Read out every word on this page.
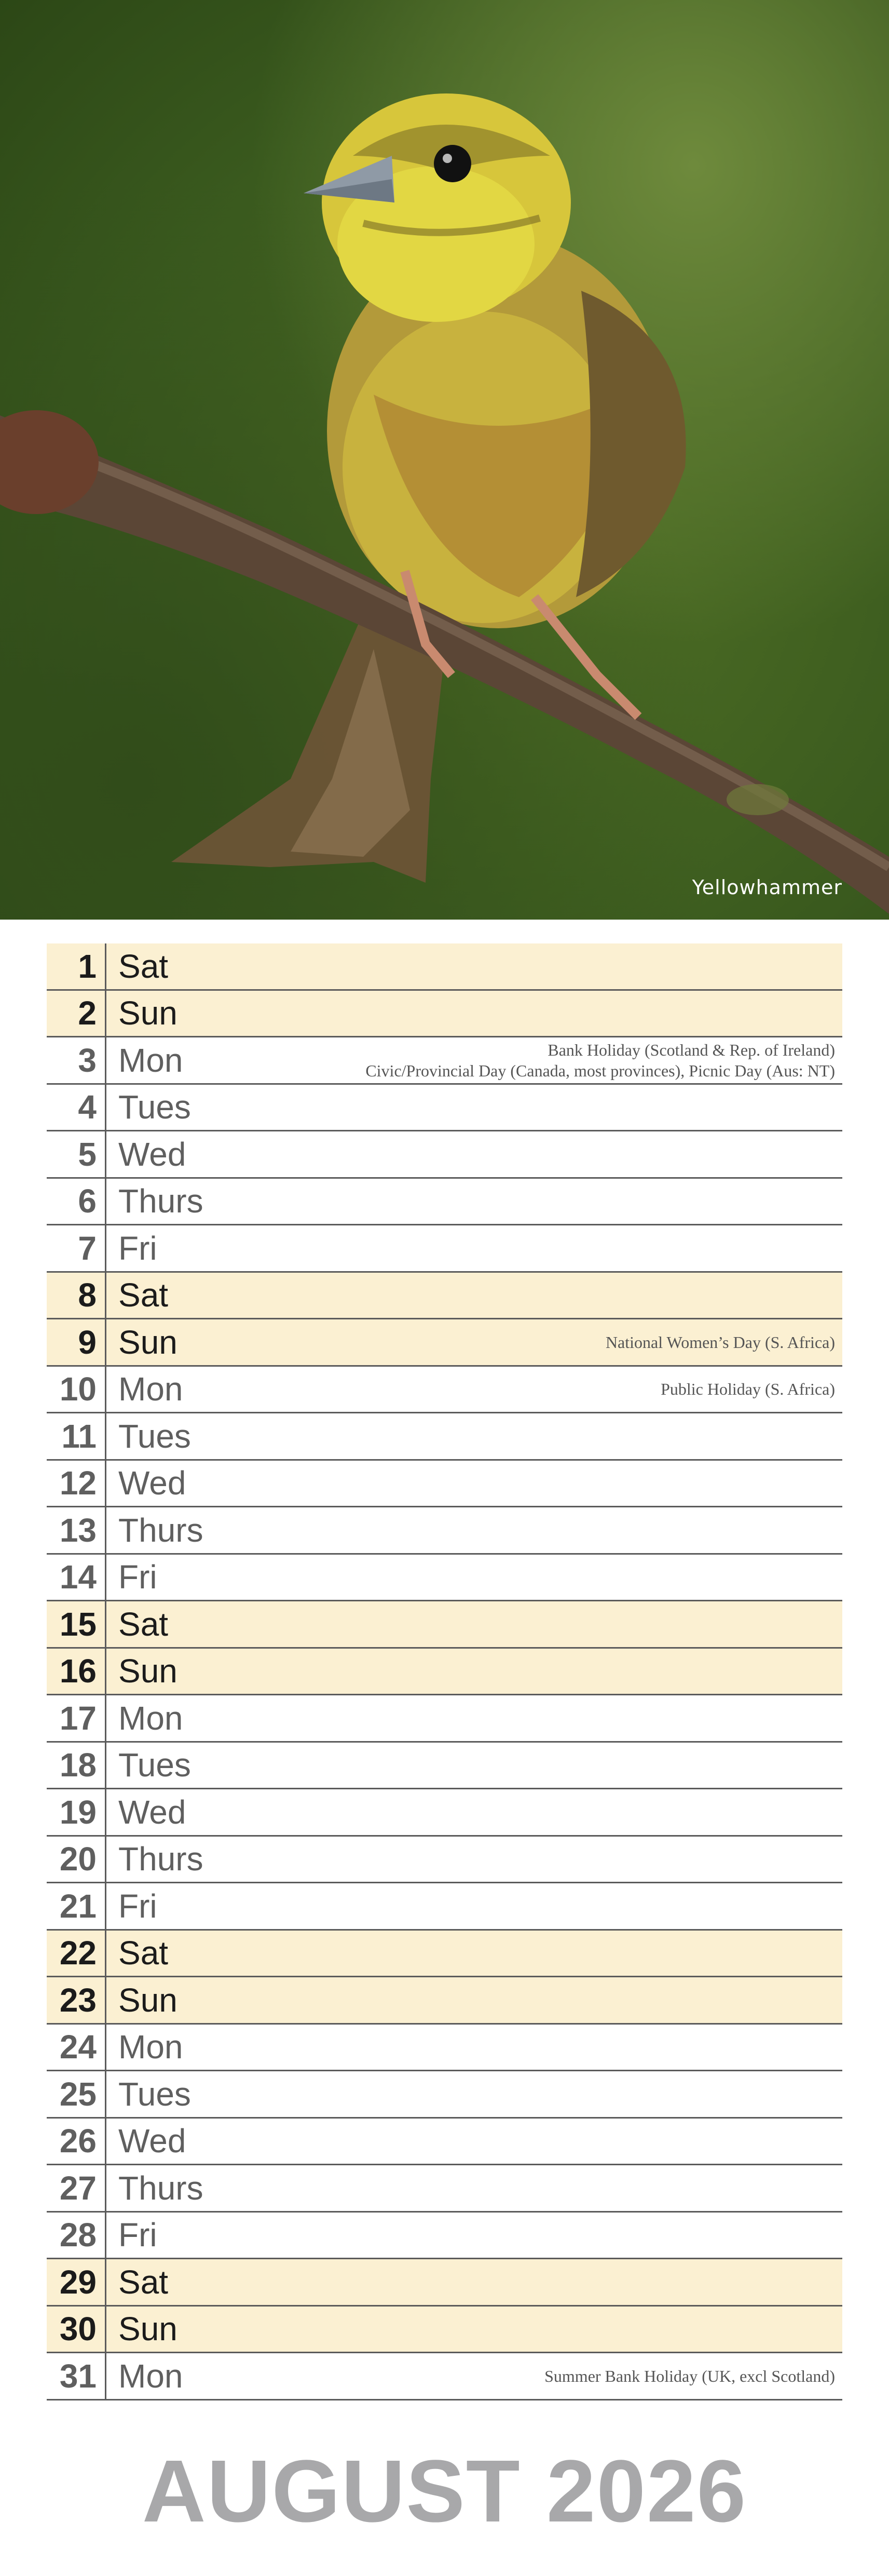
Yellowhammer
1 Sat
2 Sun
3 Mon	Bank Holiday (Scotland & Rep. of Ireland)
Civic/Provincial Day (Canada, most provinces), Picnic Day (Aus: NT)
4 Tues
5 Wed
6 Thurs
7 Fri
8 Sat
9 Sun	National Women’s Day (S. Africa)
10 Mon	Public Holiday (S. Africa)
11 Tues
12 Wed
13 Thurs
14 Fri
15 Sat
16 Sun
17 Mon
18 Tues
19 Wed
20 Thurs
21 Fri
22 Sat
23 Sun
24 Mon
25 Tues
26 Wed
27 Thurs
28 Fri
29 Sat
30 Sun
31 Mon	Summer Bank Holiday (UK, excl Scotland)
AUGUST 2026
